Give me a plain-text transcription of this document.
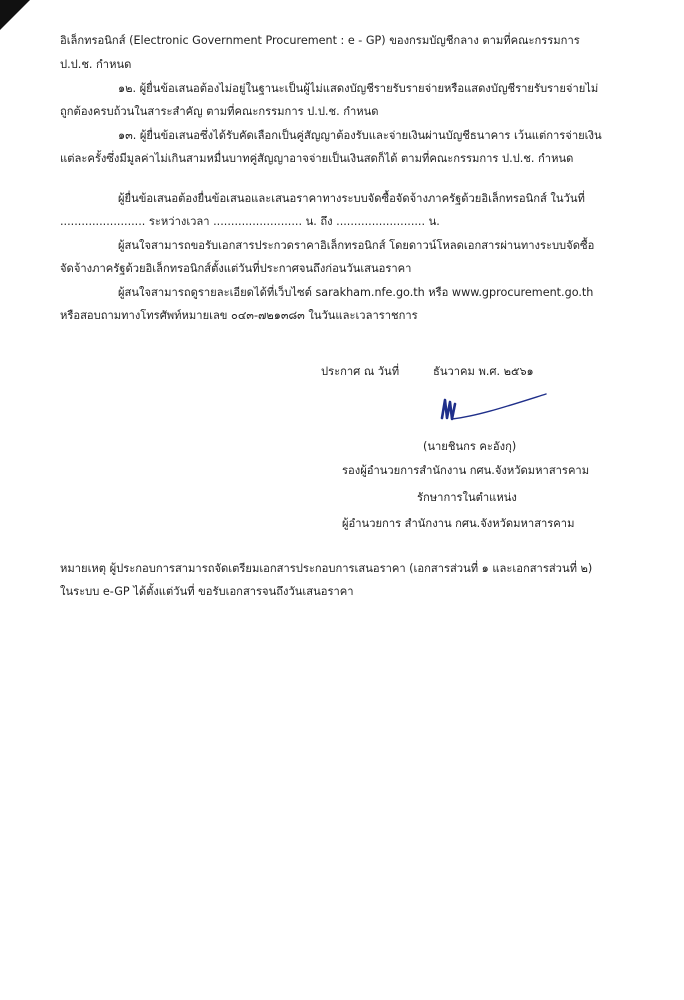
อิเล็กทรอนิกส์ (Electronic Government Procurement : e - GP) ของกรมบัญชีกลาง ตามที่คณะกรรมการ
ป.ป.ช. กำหนด
๑๒. ผู้ยื่นข้อเสนอต้องไม่อยู่ในฐานะเป็นผู้ไม่แสดงบัญชีรายรับรายจ่ายหรือแสดงบัญชีรายรับรายจ่ายไม่
ถูกต้องครบถ้วนในสาระสำคัญ ตามที่คณะกรรมการ ป.ป.ช. กำหนด
๑๓. ผู้ยื่นข้อเสนอซึ่งได้รับคัดเลือกเป็นคู่สัญญาต้องรับและจ่ายเงินผ่านบัญชีธนาคาร เว้นแต่การจ่ายเงิน
แต่ละครั้งซึ่งมีมูลค่าไม่เกินสามหมื่นบาทคู่สัญญาอาจจ่ายเป็นเงินสดก็ได้ ตามที่คณะกรรมการ ป.ป.ช. กำหนด
ผู้ยื่นข้อเสนอต้องยื่นข้อเสนอและเสนอราคาทางระบบจัดซื้อจัดจ้างภาครัฐด้วยอิเล็กทรอนิกส์ ในวันที่
........................ ระหว่างเวลา ......................... น. ถึง ......................... น.
ผู้สนใจสามารถขอรับเอกสารประกวดราคาอิเล็กทรอนิกส์ โดยดาวน์โหลดเอกสารผ่านทางระบบจัดซื้อ
จัดจ้างภาครัฐด้วยอิเล็กทรอนิกส์ตั้งแต่วันที่ประกาศจนถึงก่อนวันเสนอราคา
ผู้สนใจสามารถดูรายละเอียดได้ที่เว็บไซต์ sarakham.nfe.go.th หรือ www.gprocurement.go.th
หรือสอบถามทางโทรศัพท์หมายเลข ๐๔๓-๗๒๑๓๘๓ ในวันและเวลาราชการ
ประกาศ ณ วันที่	ธันวาคม พ.ศ. ๒๕๖๑
(นายชินกร คะอังกุ)
รองผู้อำนวยการสำนักงาน กศน.จังหวัดมหาสารคาม
รักษาการในตำแหน่ง
ผู้อำนวยการ สำนักงาน กศน.จังหวัดมหาสารคาม
หมายเหตุ ผู้ประกอบการสามารถจัดเตรียมเอกสารประกอบการเสนอราคา (เอกสารส่วนที่ ๑ และเอกสารส่วนที่ ๒)
ในระบบ e-GP ได้ตั้งแต่วันที่ ขอรับเอกสารจนถึงวันเสนอราคา
